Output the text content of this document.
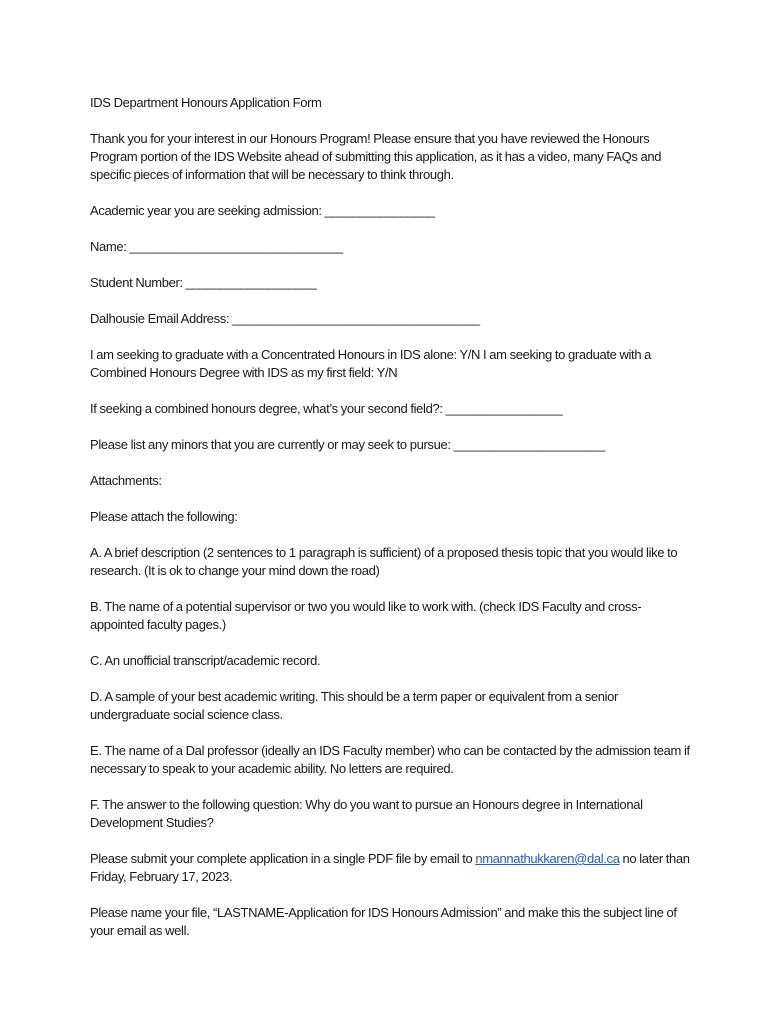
IDS Department Honours Application Form

Thank you for your interest in our Honours Program! Please ensure that you have reviewed the Honours Program portion of the IDS Website ahead of submitting this application, as it has a video, many FAQs and specific pieces of information that will be necessary to think through.

Academic year you are seeking admission: ________________

Name: _______________________________

Student Number: ___________________

Dalhousie Email Address: ____________________________________

I am seeking to graduate with a Concentrated Honours in IDS alone: Y/N I am seeking to graduate with a Combined Honours Degree with IDS as my first field: Y/N

If seeking a combined honours degree, what’s your second field?: _________________

Please list any minors that you are currently or may seek to pursue: ______________________

Attachments:

Please attach the following:

A. A brief description (2 sentences to 1 paragraph is sufficient) of a proposed thesis topic that you would like to research. (It is ok to change your mind down the road)

B. The name of a potential supervisor or two you would like to work with. (check IDS Faculty and cross-appointed faculty pages.)

C. An unofficial transcript/academic record.

D. A sample of your best academic writing. This should be a term paper or equivalent from a senior undergraduate social science class.

E. The name of a Dal professor (ideally an IDS Faculty member) who can be contacted by the admission team if necessary to speak to your academic ability. No letters are required.

F. The answer to the following question: Why do you want to pursue an Honours degree in International Development Studies?

Please submit your complete application in a single PDF file by email to nmannathukkaren@dal.ca no later than Friday, February 17, 2023.

Please name your file, “LASTNAME-Application for IDS Honours Admission” and make this the subject line of your email as well.
